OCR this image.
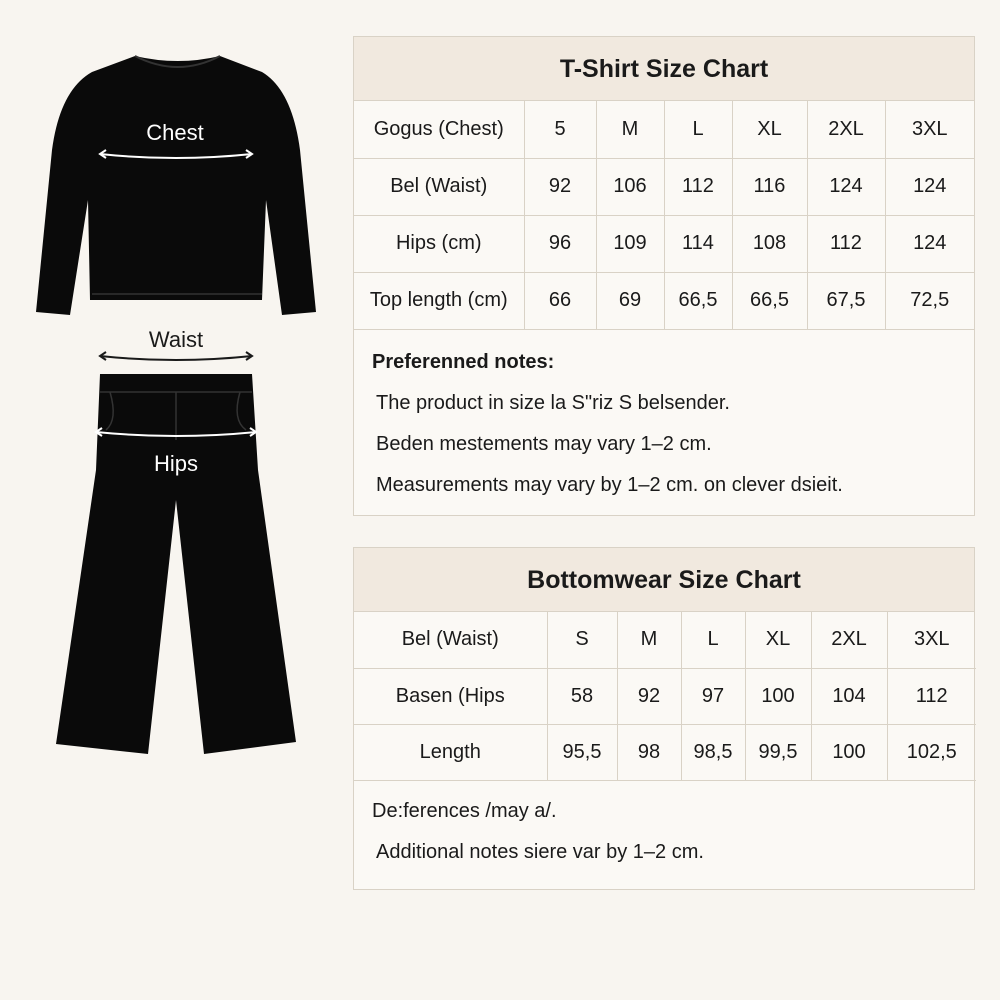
Chest
Waist
Hips
T-Shirt Size Chart
Gogus (Chest)	5	M	L	XL	2XL	3XL
Bel (Waist)	92	106	112	116	124	124
Hips (cm)	96	109	114	108	112	124
Top length (cm)	66	69	66,5	66,5	67,5	72,5
Preferenned notes:
The product in size la S"riz S belsender.
Beden mestements may vary 1–2 cm.
Measurements may vary by 1–2 cm. on clever dsieit.
Bottomwear Size Chart
Bel (Waist)	S	M	L	XL	2XL	3XL
Basen (Hips	58	92	97	100	104	112
Length	95,5	98	98,5	99,5	100	102,5
De:ferences /may a/.
Additional notes siere var by 1–2 cm.
